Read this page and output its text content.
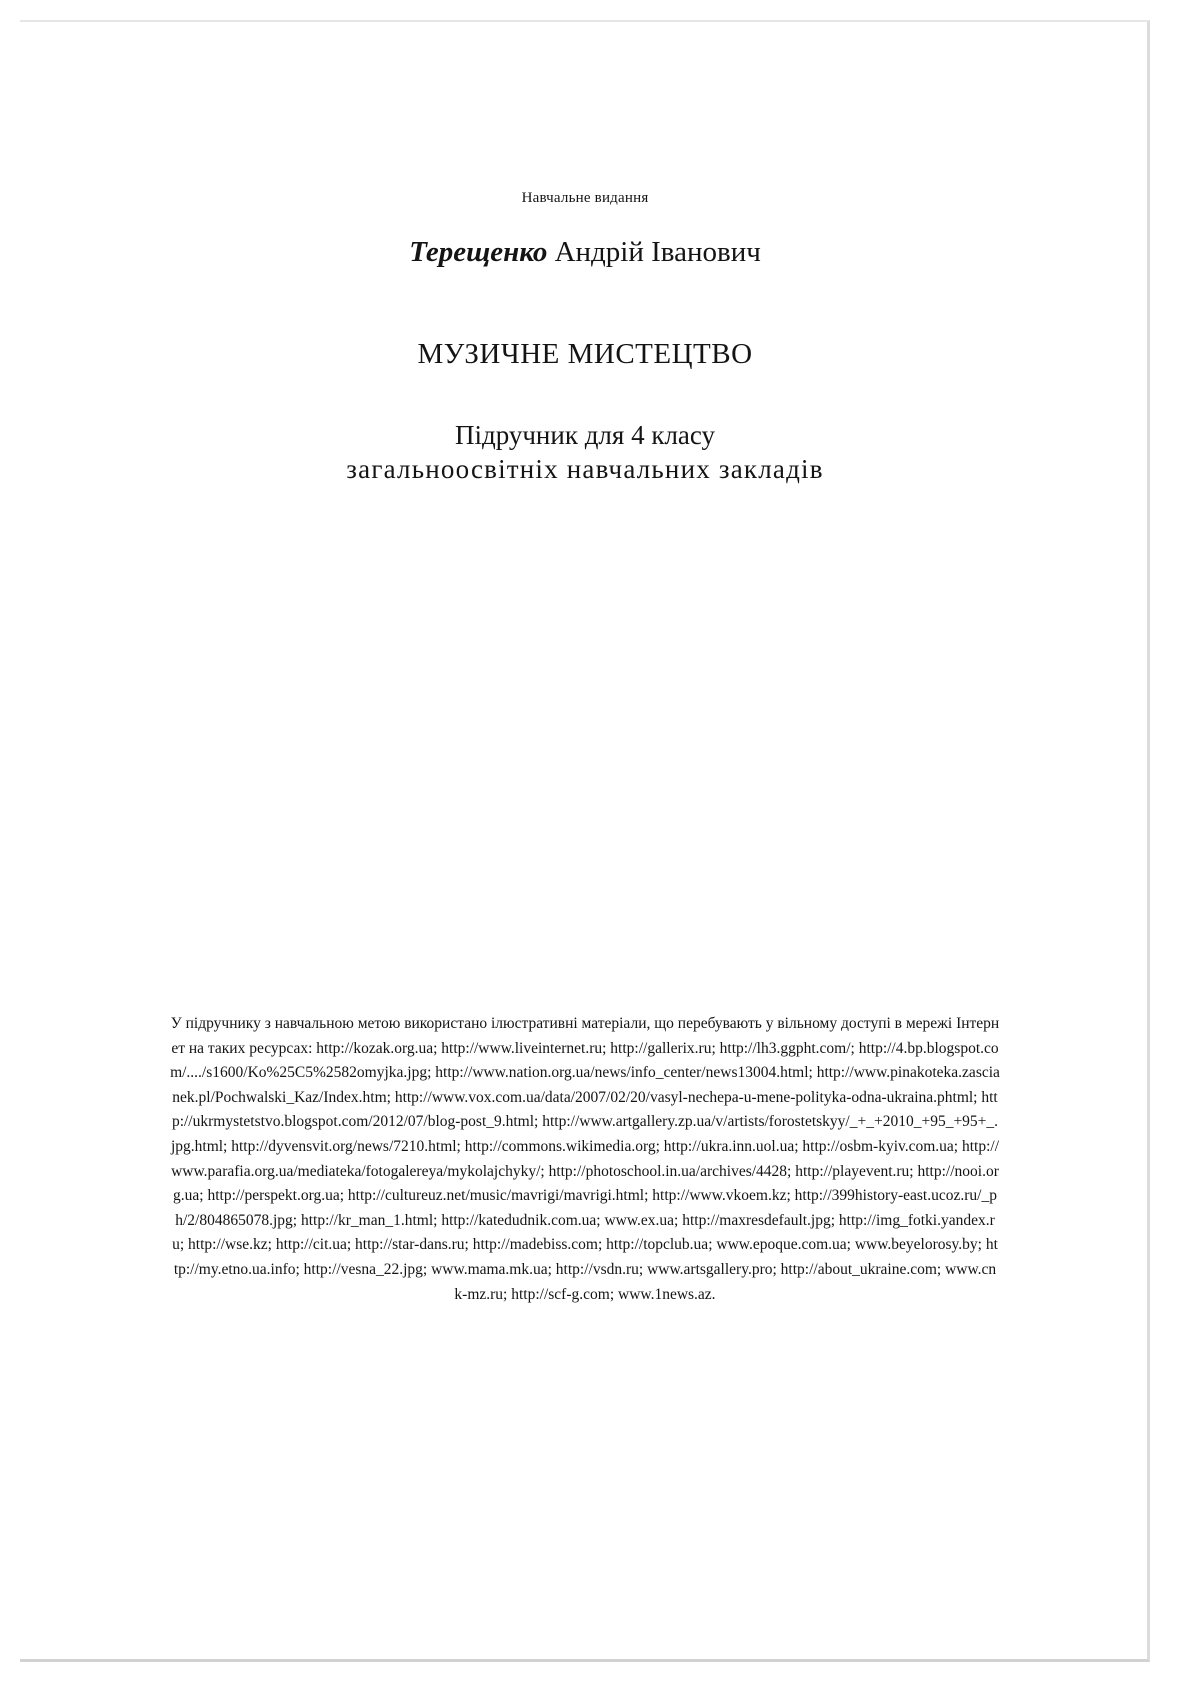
Навчальне видання
Терещенко Андрій Іванович
МУЗИЧНЕ МИСТЕЦТВО
Підручник для 4 класу
загальноосвітніх навчальних закладів
У підручнику з навчальною метою використано ілюстративні матеріали, що перебувають у вільному доступі в мережі Інтернет на таких ресурсах: http://kozak.org.ua; http://www.liveinternet.ru; http://gallerix.ru; http://lh3.ggpht.com/; http://4.bp.blogspot.com/..../s1600/Ko%25C5%2582omyjka.jpg; http://www.nation.org.ua/news/info_center/news13004.html; http://www.pinakoteka.zascianek.pl/Pochwalski_Kaz/Index.htm; http://www.vox.com.ua/data/2007/02/20/vasyl-nechepa-u-mene-polityka-odna-ukraina.phtml; http://ukrmystetstvo.blogspot.com/2012/07/blog-post_9.html; http://www.artgallery.zp.ua/v/artists/forostetskyy/_+_+2010_+95_+95+_.jpg.html; http://dyvensvit.org/news/7210.html; http://commons.wikimedia.org; http://ukra.inn.uol.ua; http://osbm-kyiv.com.ua; http://www.parafia.org.ua/mediateka/fotogalereya/mykolajchyky/; http://photoschool.in.ua/archives/4428; http://playevent.ru; http://nooi.org.ua; http://perspekt.org.ua; http://cultureuz.net/music/mavrigi/mavrigi.html; http://www.vkoem.kz; http://399history-east.ucoz.ru/_ph/2/804865078.jpg; http://kr_man_1.html; http://katedudnik.com.ua; www.ex.ua; http://maxresdefault.jpg; http://img_fotki.yandex.ru; http://wse.kz; http://cit.ua; http://star-dans.ru; http://madebiss.com; http://topclub.ua; www.epoque.com.ua; www.beyelorosy.by; http://my.etno.ua.info; http://vesna_22.jpg; www.mama.mk.ua; http://vsdn.ru; www.artsgallery.pro; http://about_ukraine.com; www.cnk-mz.ru; http://scf-g.com; www.1news.az.
